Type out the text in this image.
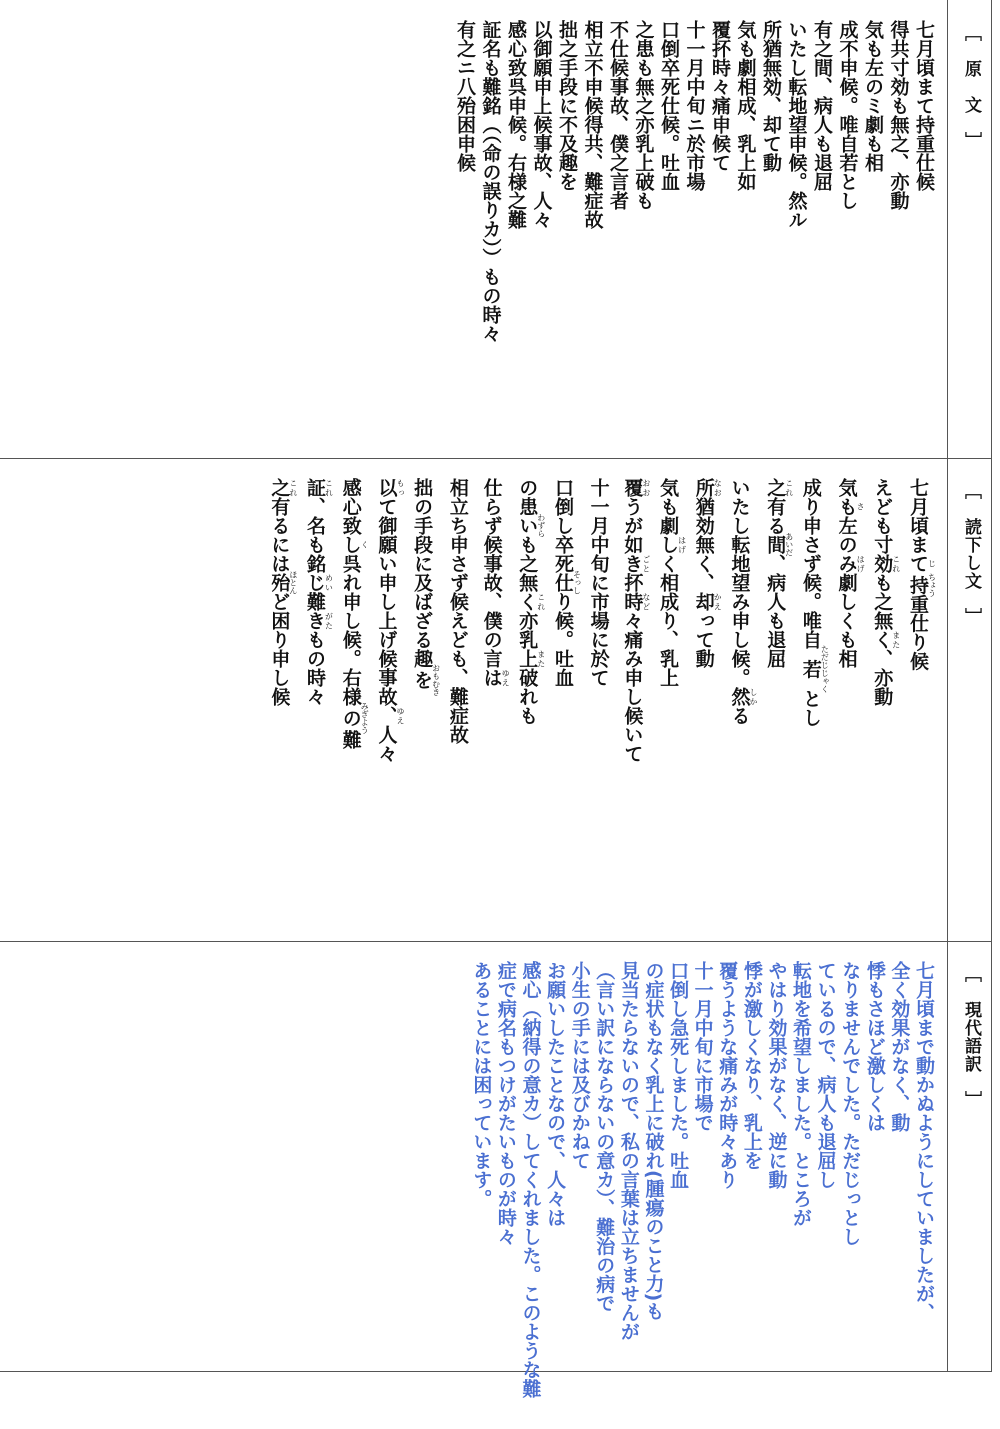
［　原　文　］
七月頃まて持重仕候
得共寸効も無之、亦動
気も左のミ劇も相
成不申候。唯自若とし
有之間、病人も退屈
いたし転地望申候。然ル
所猶無効、却て動
気も劇相成、乳上如
覆抔時々痛申候て
十一月中旬ニ於市場
口倒卒死仕候。吐血
之患も無之亦乳上破も
不仕候事故、僕之言者
相立不申候得共、難症故
拙之手段に不及趣を
以御願申上候事故、人々
感心致呉申候。右様之難
証名も難銘（（命の誤りカ））もの時々
有之ニ八殆困申候
［　読下し文　］
七月頃まてじ持ちょう重仕り候
えども寸効これも之無くまた、亦動
気もさ左のみはげ劇しくも相
成り申さず候。唯自若ただじじゃくとし
之これ有る間あいだ、病人も退屈
いたし転地望み申し候。然しかる
所なお猶効無く、却かえって動
気も劇しはげく相成り、乳上
覆おおうが如きごと抔時など々痛み申し候いて
十一月中旬に市場に於て
口倒し卒死仕そっしり候。吐血
の患いわずらも之無くこれ亦乳上また破れも
仕らず候事故、僕の言はゆえ
相立ち申さず候えども、難症故
拙の手段に及ばざる趣をおもむき
以もって御願い申し上げ候事故、ゆえ人々
感心致しく呉れ申し候。右様のみぎよう難
証これ、名も銘じめい難きがたもの時々
之これ有るには殆ほとんど困り申し候
［　現代語訳　］
七月頃まで動かぬようにしていましたが、
全く効果がなく、動
悸もさほど激しくは
なりませんでした。ただじっとし
ているので、病人も退屈し
転地を希望しました。ところが
やはり効果がなく、逆に動
悸が激しくなり、乳上を
覆うような痛みが時々あり
十一月中旬に市場で
口倒し急死しました。吐血
の症状もなく乳上に破れ(腫瘍のこと力)も
見当たらないので、私の言葉は立ちませんが
（言い訳にならないの意カ）、難治の病で
小生の手には及びかねて
お願いしたことなので、人々は
感心（納得の意カ）してくれました。このような難
症で病名もつけがたいものが時々
あることには困っています。
